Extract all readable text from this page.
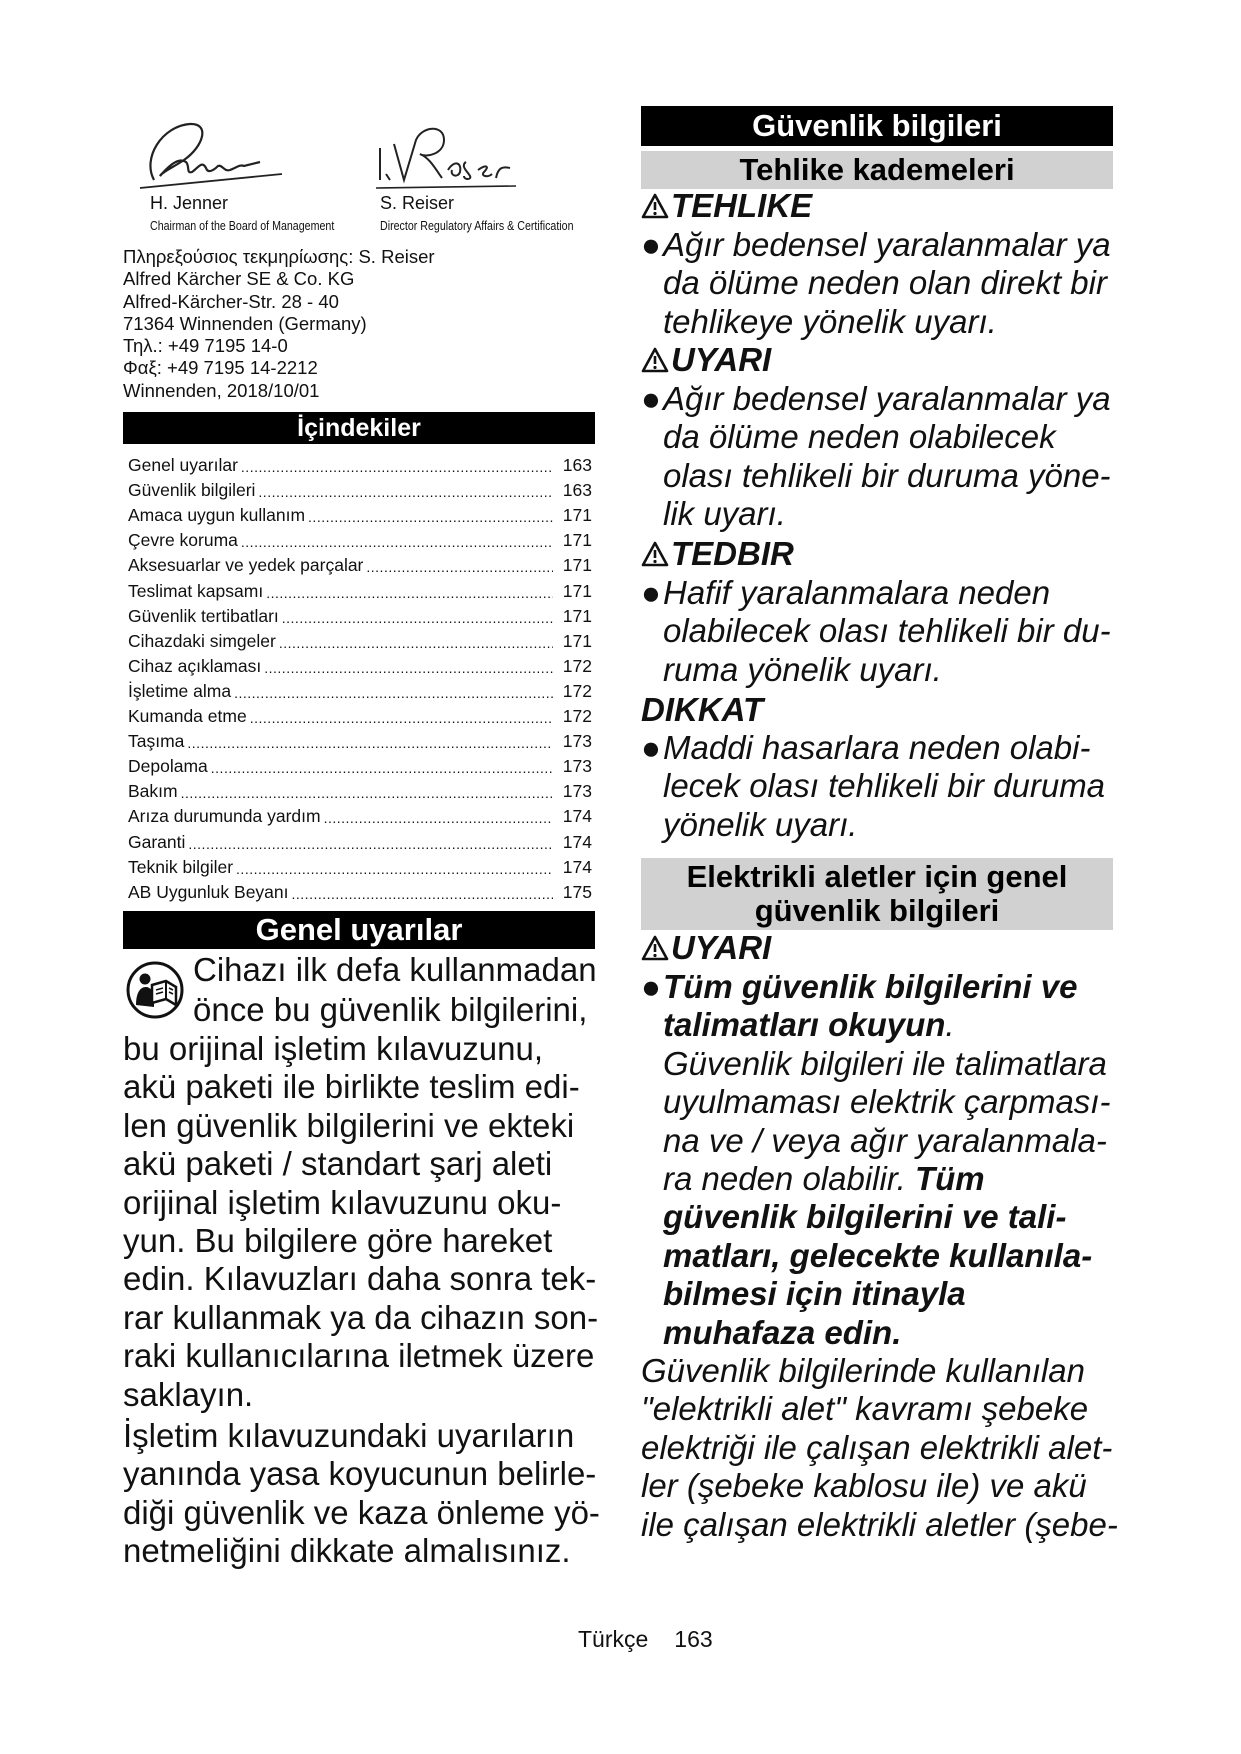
H. Jenner
Chairman of the Board of Management
S. Reiser
Director Regulatory Affairs & Certification
Πληρεξούσιος τεκμηρίωσης: S. Reiser
Alfred Kärcher SE & Co. KG
Alfred-Kärcher-Str. 28 - 40
71364 Winnenden (Germany)
Τηλ.: +49 7195 14-0
Φαξ: +49 7195 14-2212
Winnenden, 2018/10/01
İçindekiler
Genel uyarılar .....	163
Güvenlik bilgileri .....	163
Amaca uygun kullanım .....	171
Çevre koruma .....	171
Aksesuarlar ve yedek parçalar .....	171
Teslimat kapsamı .....	171
Güvenlik tertibatları .....	171
Cihazdaki simgeler .....	171
Cihaz açıklaması .....	172
İşletime alma .....	172
Kumanda etme .....	172
Taşıma .....	173
Depolama .....	173
Bakım .....	173
Arıza durumunda yardım .....	174
Garanti .....	174
Teknik bilgiler .....	174
AB Uygunluk Beyanı .....	175
Genel uyarılar
Cihazı ilk defa kullanmadan
önce bu güvenlik bilgilerini,
bu orijinal işletim kılavuzunu,
akü paketi ile birlikte teslim edi-
len güvenlik bilgilerini ve ekteki
akü paketi / standart şarj aleti
orijinal işletim kılavuzunu oku-
yun. Bu bilgilere göre hareket
edin. Kılavuzları daha sonra tek-
rar kullanmak ya da cihazın son-
raki kullanıcılarına iletmek üzere
saklayın.
İşletim kılavuzundaki uyarıların
yanında yasa koyucunun belirle-
diği güvenlik ve kaza önleme yö-
netmeliğini dikkate almalısınız.
Güvenlik bilgileri
Tehlike kademeleri
TEHLIKE
● Ağır bedensel yaralanmalar ya
da ölüme neden olan direkt bir
tehlikeye yönelik uyarı.
UYARI
● Ağır bedensel yaralanmalar ya
da ölüme neden olabilecek
olası tehlikeli bir duruma yöne-
lik uyarı.
TEDBIR
● Hafif yaralanmalara neden
olabilecek olası tehlikeli bir du-
ruma yönelik uyarı.
DIKKAT
● Maddi hasarlara neden olabi-
lecek olası tehlikeli bir duruma
yönelik uyarı.
Elektrikli aletler için genel
güvenlik bilgileri
UYARI
● Tüm güvenlik bilgilerini ve
talimatları okuyun.
Güvenlik bilgileri ile talimatlara
uyulmaması elektrik çarpması-
na ve / veya ağır yaralanmala-
ra neden olabilir. Tüm
güvenlik bilgilerini ve tali-
matları, gelecekte kullanıla-
bilmesi için itinayla
muhafaza edin.
Güvenlik bilgilerinde kullanılan
"elektrikli alet" kavramı şebeke
elektriği ile çalışan elektrikli alet-
ler (şebeke kablosu ile) ve akü
ile çalışan elektrikli aletler (şebe-
Türkçe 163
